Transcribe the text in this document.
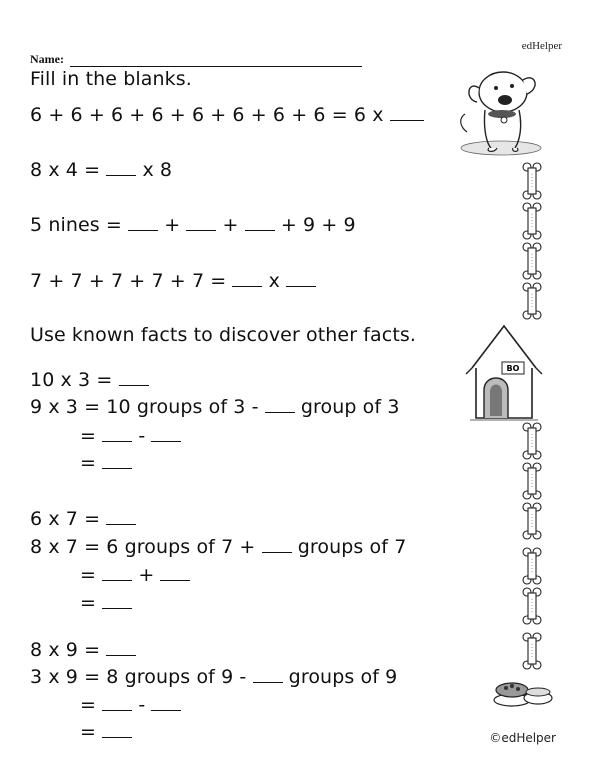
edHelper
Name:
Fill in the blanks.
6 + 6 + 6 + 6 + 6 + 6 + 6 + 6 = 6 x
8 x 4 = x 8
5 nines = + + + 9 + 9
7 + 7 + 7 + 7 + 7 = x
Use known facts to discover other facts.
10 x 3 =
9 x 3 = 10 groups of 3 - group of 3
= -
=
6 x 7 =
8 x 7 = 6 groups of 7 + groups of 7
= +
=
8 x 9 =
3 x 9 = 8 groups of 9 - groups of 9
= -
=	©edHelper
BO
